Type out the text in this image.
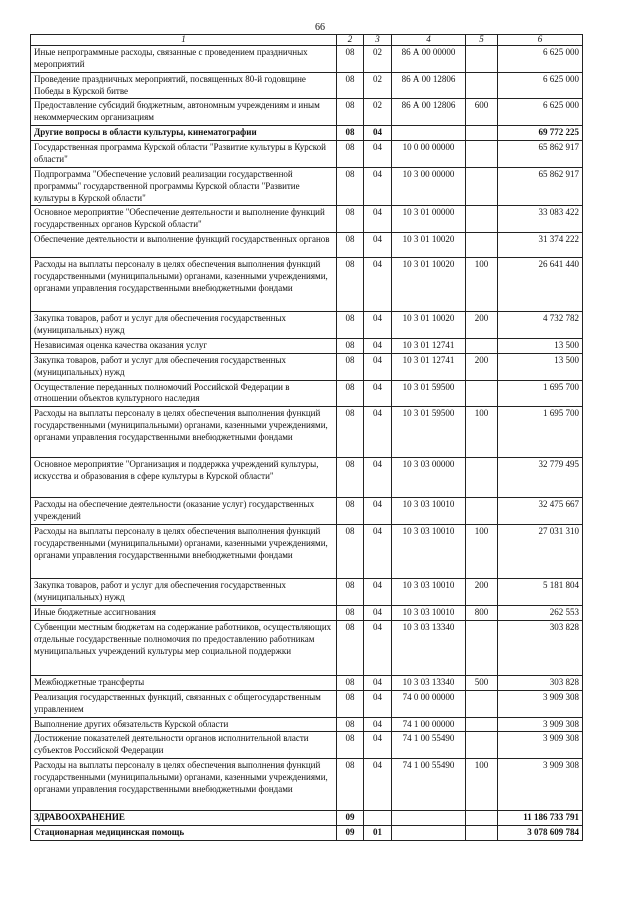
66
1	2	3	4	5	6
Иные непрограммные расходы, связанные с проведением праздничных мероприятий	08	02	86 А 00 00000		6 625 000
Проведение праздничных мероприятий, посвященных 80-й годовщине Победы в Курской битве	08	02	86 А 00 12806		6 625 000
Предоставление субсидий бюджетным, автономным учреждениям и иным некоммерческим организациям	08	02	86 А 00 12806	600	6 625 000
Другие вопросы в области культуры, кинематографии	08	04			69 772 225
Государственная программа Курской области "Развитие культуры в Курской области"	08	04	10 0 00 00000		65 862 917
Подпрограмма "Обеспечение условий реализации государственной программы" государственной программы Курской области "Развитие культуры в Курской области"	08	04	10 3 00 00000		65 862 917
Основное мероприятие "Обеспечение деятельности и выполнение функций государственных органов Курской области"	08	04	10 3 01 00000		33 083 422
Обеспечение деятельности и выполнение функций государственных органов	08	04	10 3 01 10020		31 374 222
Расходы на выплаты персоналу в целях обеспечения выполнения функций государственными (муниципальными) органами, казенными учреждениями, органами управления государственными внебюджетными фондами	08	04	10 3 01 10020	100	26 641 440
Закупка товаров, работ и услуг для обеспечения государственных (муниципальных) нужд	08	04	10 3 01 10020	200	4 732 782
Независимая оценка качества оказания услуг	08	04	10 3 01 12741		13 500
Закупка товаров, работ и услуг для обеспечения государственных (муниципальных) нужд	08	04	10 3 01 12741	200	13 500
Осуществление переданных полномочий Российской Федерации в отношении объектов культурного наследия	08	04	10 3 01 59500		1 695 700
Расходы на выплаты персоналу в целях обеспечения выполнения функций государственными (муниципальными) органами, казенными учреждениями, органами управления государственными внебюджетными фондами	08	04	10 3 01 59500	100	1 695 700
Основное мероприятие "Организация и поддержка учреждений культуры, искусства и образования в сфере культуры в Курской области"	08	04	10 3 03 00000		32 779 495
Расходы на обеспечение деятельности (оказание услуг) государственных учреждений	08	04	10 3 03 10010		32 475 667
Расходы на выплаты персоналу в целях обеспечения выполнения функций государственными (муниципальными) органами, казенными учреждениями, органами управления государственными внебюджетными фондами	08	04	10 3 03 10010	100	27 031 310
Закупка товаров, работ и услуг для обеспечения государственных (муниципальных) нужд	08	04	10 3 03 10010	200	5 181 804
Иные бюджетные ассигнования	08	04	10 3 03 10010	800	262 553
Субвенции местным бюджетам на содержание работников, осуществляющих отдельные государственные полномочия по предоставлению работникам муниципальных учреждений культуры мер социальной поддержки	08	04	10 3 03 13340		303 828
Межбюджетные трансферты	08	04	10 3 03 13340	500	303 828
Реализация государственных функций, связанных с общегосударственным управлением	08	04	74 0 00 00000		3 909 308
Выполнение других обязательств Курской области	08	04	74 1 00 00000		3 909 308
Достижение показателей деятельности органов исполнительной власти субъектов Российской Федерации	08	04	74 1 00 55490		3 909 308
Расходы на выплаты персоналу в целях обеспечения выполнения функций государственными (муниципальными) органами, казенными учреждениями, органами управления государственными внебюджетными фондами	08	04	74 1 00 55490	100	3 909 308
ЗДРАВООХРАНЕНИЕ	09				11 186 733 791
Стационарная медицинская помощь	09	01			3 078 609 784
